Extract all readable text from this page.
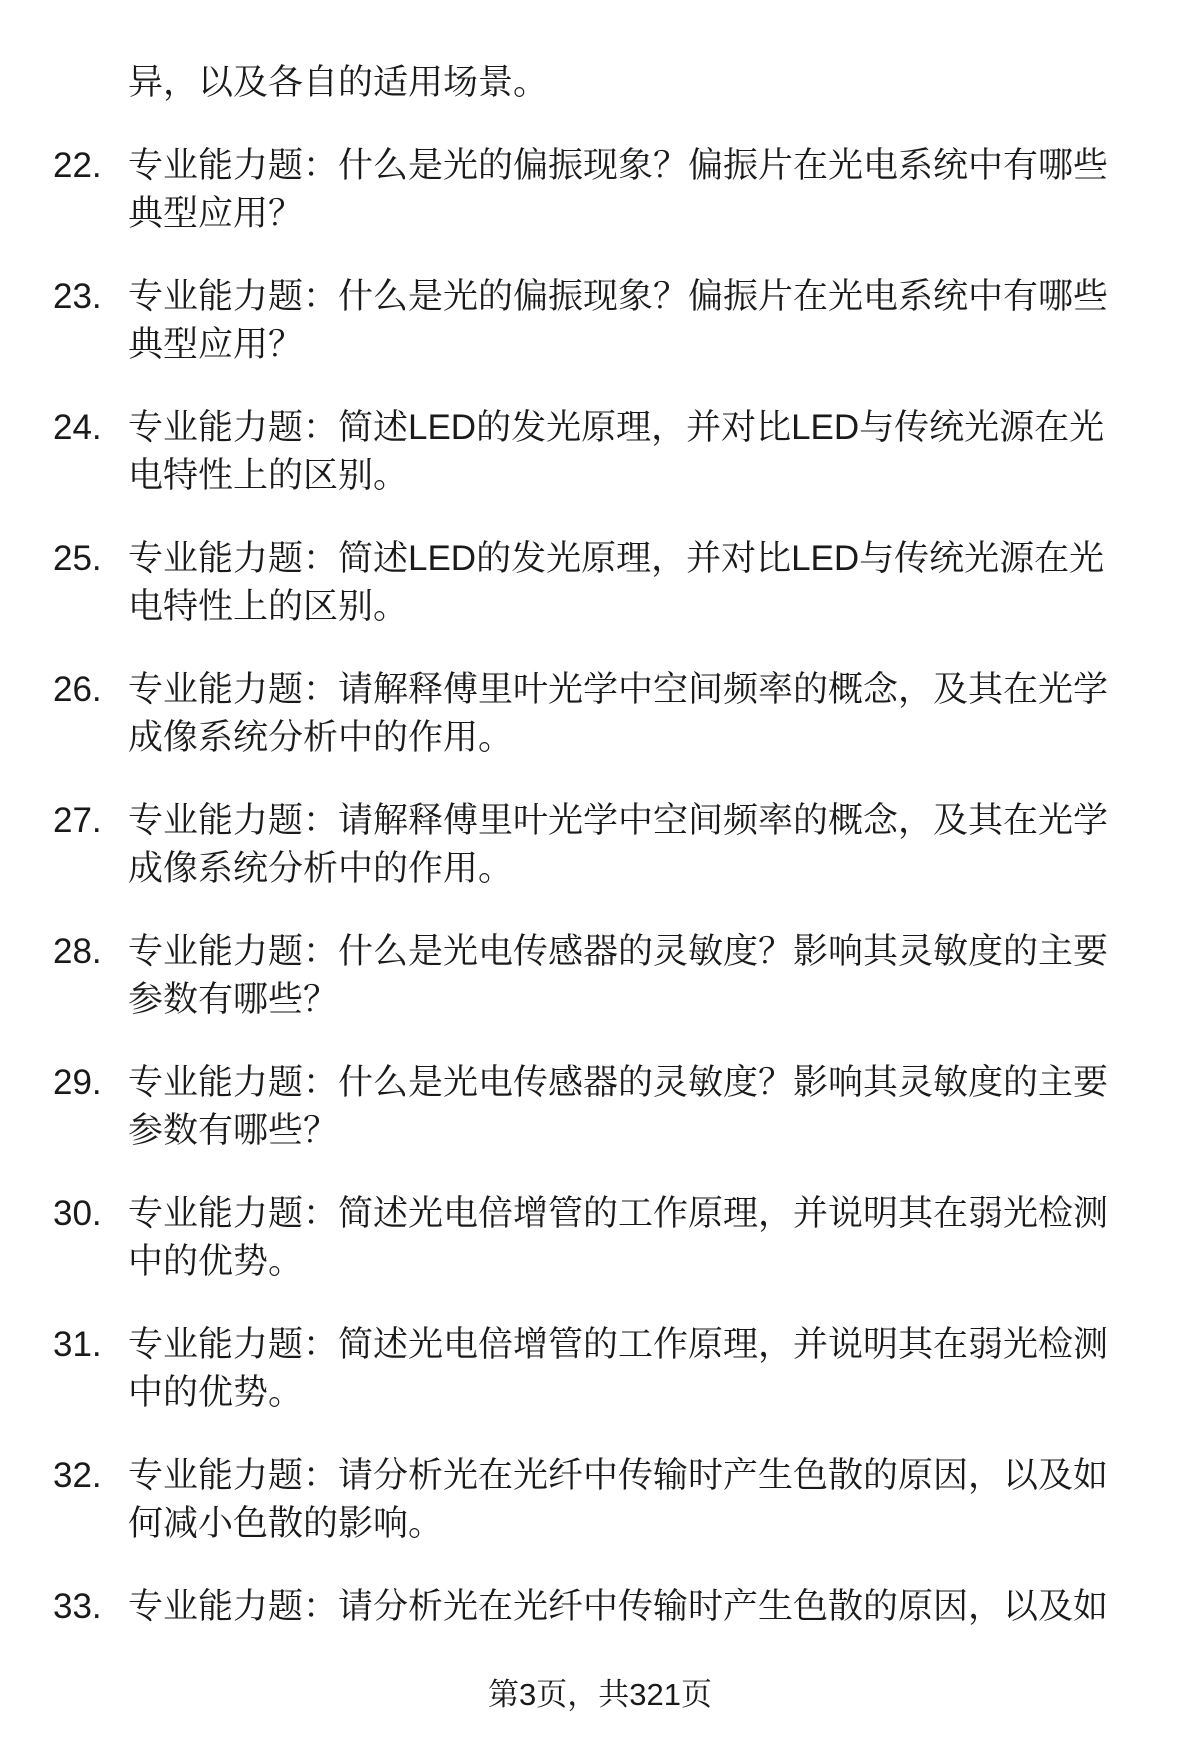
异，以及各自的适用场景。
22. 专业能力题：什么是光的偏振现象？偏振片在光电系统中有哪些
典型应用？
23. 专业能力题：什么是光的偏振现象？偏振片在光电系统中有哪些
典型应用？
24. 专业能力题：简述LED的发光原理，并对比LED与传统光源在光
电特性上的区别。
25. 专业能力题：简述LED的发光原理，并对比LED与传统光源在光
电特性上的区别。
26. 专业能力题：请解释傅里叶光学中空间频率的概念，及其在光学
成像系统分析中的作用。
27. 专业能力题：请解释傅里叶光学中空间频率的概念，及其在光学
成像系统分析中的作用。
28. 专业能力题：什么是光电传感器的灵敏度？影响其灵敏度的主要
参数有哪些？
29. 专业能力题：什么是光电传感器的灵敏度？影响其灵敏度的主要
参数有哪些？
30. 专业能力题：简述光电倍增管的工作原理，并说明其在弱光检测
中的优势。
31. 专业能力题：简述光电倍增管的工作原理，并说明其在弱光检测
中的优势。
32. 专业能力题：请分析光在光纤中传输时产生色散的原因，以及如
何减小色散的影响。
33. 专业能力题：请分析光在光纤中传输时产生色散的原因，以及如
第3页，共321页
